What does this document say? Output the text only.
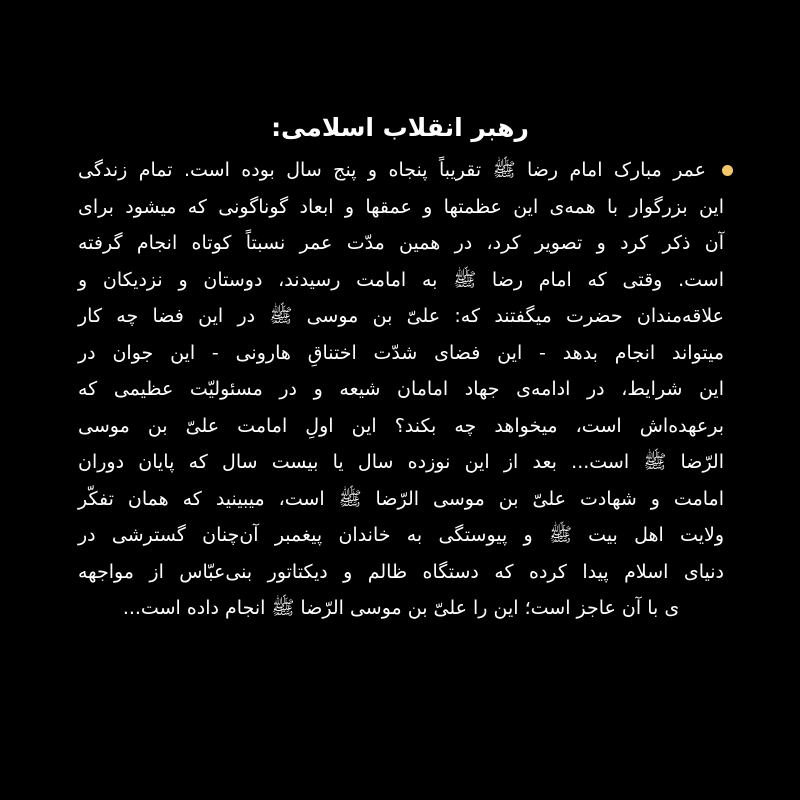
رهبر انقلاب اسلامی:
عمر مبارک امام رضا ﷺ تقریباً پنجاه و پنج سال بوده است. تمام زندگی
این بزرگوار با همه‌ی این عظمتها و عمقها و ابعاد گوناگونی که میشود برای
آن ذکر کرد و تصویر کرد، در همین مدّت عمر نسبتاً کوتاه انجام گرفته
است. وقتی که امام رضا ﷺ به امامت رسیدند، دوستان و نزدیکان و
علاقه‌مندان حضرت میگفتند که: علیّ بن موسی ﷺ در این فضا چه کار
میتواند انجام بدهد - این فضای شدّت اختناقِ هارونی - این جوان در
این شرایط، در ادامه‌ی جهاد امامان شیعه و در مسئولیّت عظیمی که
برعهده‌اش است، میخواهد چه بکند؟ این اولِ امامت علیّ بن موسی
الرّضا ﷺ است... بعد از این نوزده سال یا بیست سال که پایان دوران
امامت و شهادت علیّ بن موسی الرّضا ﷺ است، میبینید که همان تفکّر
ولایت اهل بیت ﷺ و پیوستگی به خاندان پیغمبر آن‌چنان گسترشی در
دنیای اسلام پیدا کرده که دستگاه ظالم و دیکتاتور بنی‌عبّاس از مواجهه
ی با آن عاجز است؛ این را علیّ بن موسی الرّضا ﷺ انجام داده است...
